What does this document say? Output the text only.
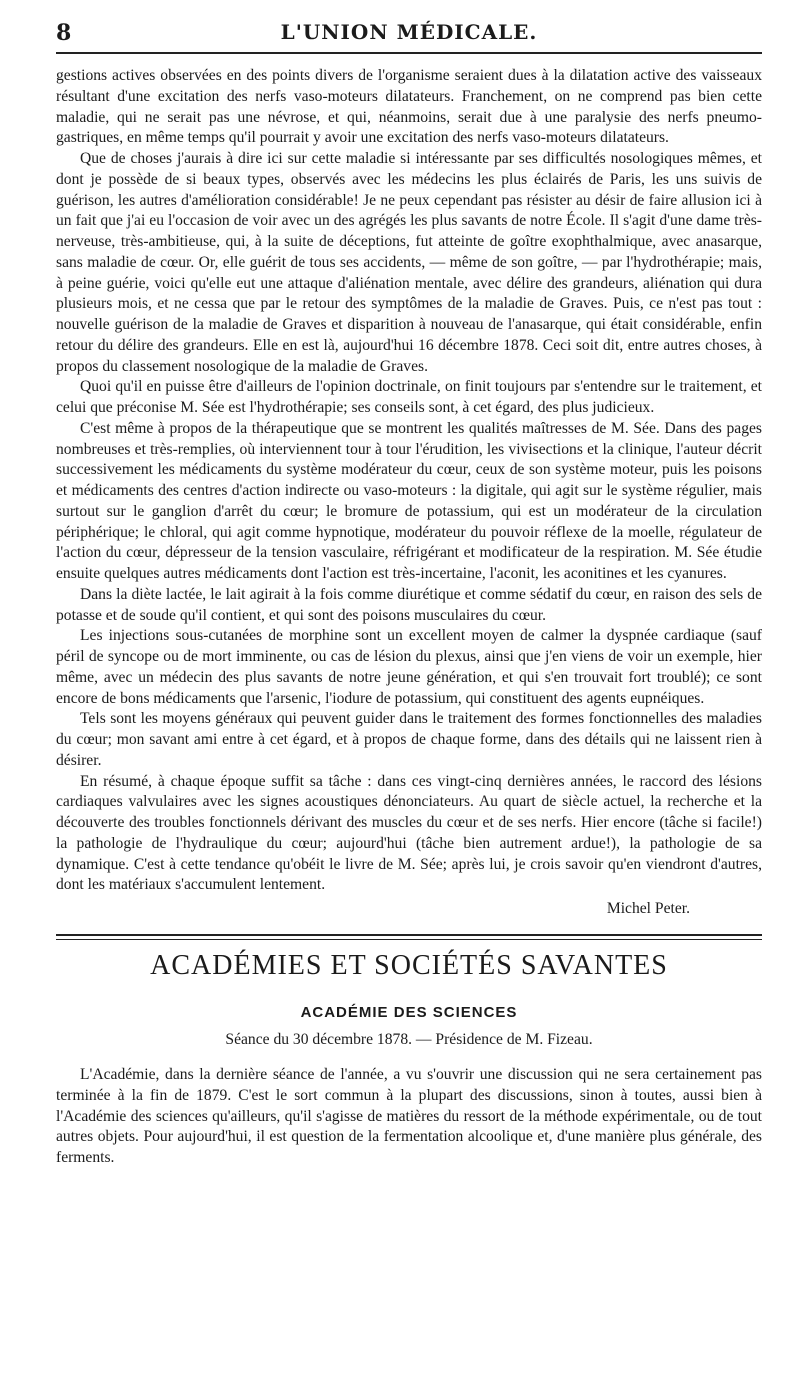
8	L'UNION MÉDICALE.

gestions actives observées en des points divers de l'organisme seraient dues à la dilatation active des vaisseaux résultant d'une excitation des nerfs vaso-moteurs dilatateurs. Franchement, on ne comprend pas bien cette maladie, qui ne serait pas une névrose, et qui, néanmoins, serait due à une paralysie des nerfs pneumo-gastriques, en même temps qu'il pourrait y avoir une excitation des nerfs vaso-moteurs dilatateurs.

Que de choses j'aurais à dire ici sur cette maladie si intéressante par ses difficultés nosologiques mêmes, et dont je possède de si beaux types, observés avec les médecins les plus éclairés de Paris, les uns suivis de guérison, les autres d'amélioration considérable! Je ne peux cependant pas résister au désir de faire allusion ici à un fait que j'ai eu l'occasion de voir avec un des agrégés les plus savants de notre École. Il s'agit d'une dame très-nerveuse, très-ambitieuse, qui, à la suite de déceptions, fut atteinte de goître exophthalmique, avec anasarque, sans maladie de cœur. Or, elle guérit de tous ses accidents, — même de son goître, — par l'hydrothérapie; mais, à peine guérie, voici qu'elle eut une attaque d'aliénation mentale, avec délire des grandeurs, aliénation qui dura plusieurs mois, et ne cessa que par le retour des symptômes de la maladie de Graves. Puis, ce n'est pas tout : nouvelle guérison de la maladie de Graves et disparition à nouveau de l'anasarque, qui était considérable, enfin retour du délire des grandeurs. Elle en est là, aujourd'hui 16 décembre 1878. Ceci soit dit, entre autres choses, à propos du classement nosologique de la maladie de Graves.

Quoi qu'il en puisse être d'ailleurs de l'opinion doctrinale, on finit toujours par s'entendre sur le traitement, et celui que préconise M. Sée est l'hydrothérapie; ses conseils sont, à cet égard, des plus judicieux.

C'est même à propos de la thérapeutique que se montrent les qualités maîtresses de M. Sée. Dans des pages nombreuses et très-remplies, où interviennent tour à tour l'érudition, les vivisections et la clinique, l'auteur décrit successivement les médicaments du système modérateur du cœur, ceux de son système moteur, puis les poisons et médicaments des centres d'action indirecte ou vaso-moteurs : la digitale, qui agit sur le système régulier, mais surtout sur le ganglion d'arrêt du cœur; le bromure de potassium, qui est un modérateur de la circulation périphérique; le chloral, qui agit comme hypnotique, modérateur du pouvoir réflexe de la moelle, régulateur de l'action du cœur, dépresseur de la tension vasculaire, réfrigérant et modificateur de la respiration. M. Sée étudie ensuite quelques autres médicaments dont l'action est très-incertaine, l'aconit, les aconitines et les cyanures.

Dans la diète lactée, le lait agirait à la fois comme diurétique et comme sédatif du cœur, en raison des sels de potasse et de soude qu'il contient, et qui sont des poisons musculaires du cœur.

Les injections sous-cutanées de morphine sont un excellent moyen de calmer la dyspnée cardiaque (sauf péril de syncope ou de mort imminente, ou cas de lésion du plexus, ainsi que j'en viens de voir un exemple, hier même, avec un médecin des plus savants de notre jeune génération, et qui s'en trouvait fort troublé); ce sont encore de bons médicaments que l'arsenic, l'iodure de potassium, qui constituent des agents eupnéiques.

Tels sont les moyens généraux qui peuvent guider dans le traitement des formes fonctionnelles des maladies du cœur; mon savant ami entre à cet égard, et à propos de chaque forme, dans des détails qui ne laissent rien à désirer.

En résumé, à chaque époque suffit sa tâche : dans ces vingt-cinq dernières années, le raccord des lésions cardiaques valvulaires avec les signes acoustiques dénonciateurs. Au quart de siècle actuel, la recherche et la découverte des troubles fonctionnels dérivant des muscles du cœur et de ses nerfs. Hier encore (tâche si facile!) la pathologie de l'hydraulique du cœur; aujourd'hui (tâche bien autrement ardue!), la pathologie de sa dynamique. C'est à cette tendance qu'obéit le livre de M. Sée; après lui, je crois savoir qu'en viendront d'autres, dont les matériaux s'accumulent lentement.

Michel Peter.
ACADÉMIES ET SOCIÉTÉS SAVANTES
ACADÉMIE DES SCIENCES
Séance du 30 décembre 1878. — Présidence de M. Fizeau.

L'Académie, dans la dernière séance de l'année, a vu s'ouvrir une discussion qui ne sera certainement pas terminée à la fin de 1879. C'est le sort commun à la plupart des discussions, sinon à toutes, aussi bien à l'Académie des sciences qu'ailleurs, qu'il s'agisse de matières du ressort de la méthode expérimentale, ou de tout autres objets. Pour aujourd'hui, il est question de la fermentation alcoolique et, d'une manière plus générale, des ferments.
